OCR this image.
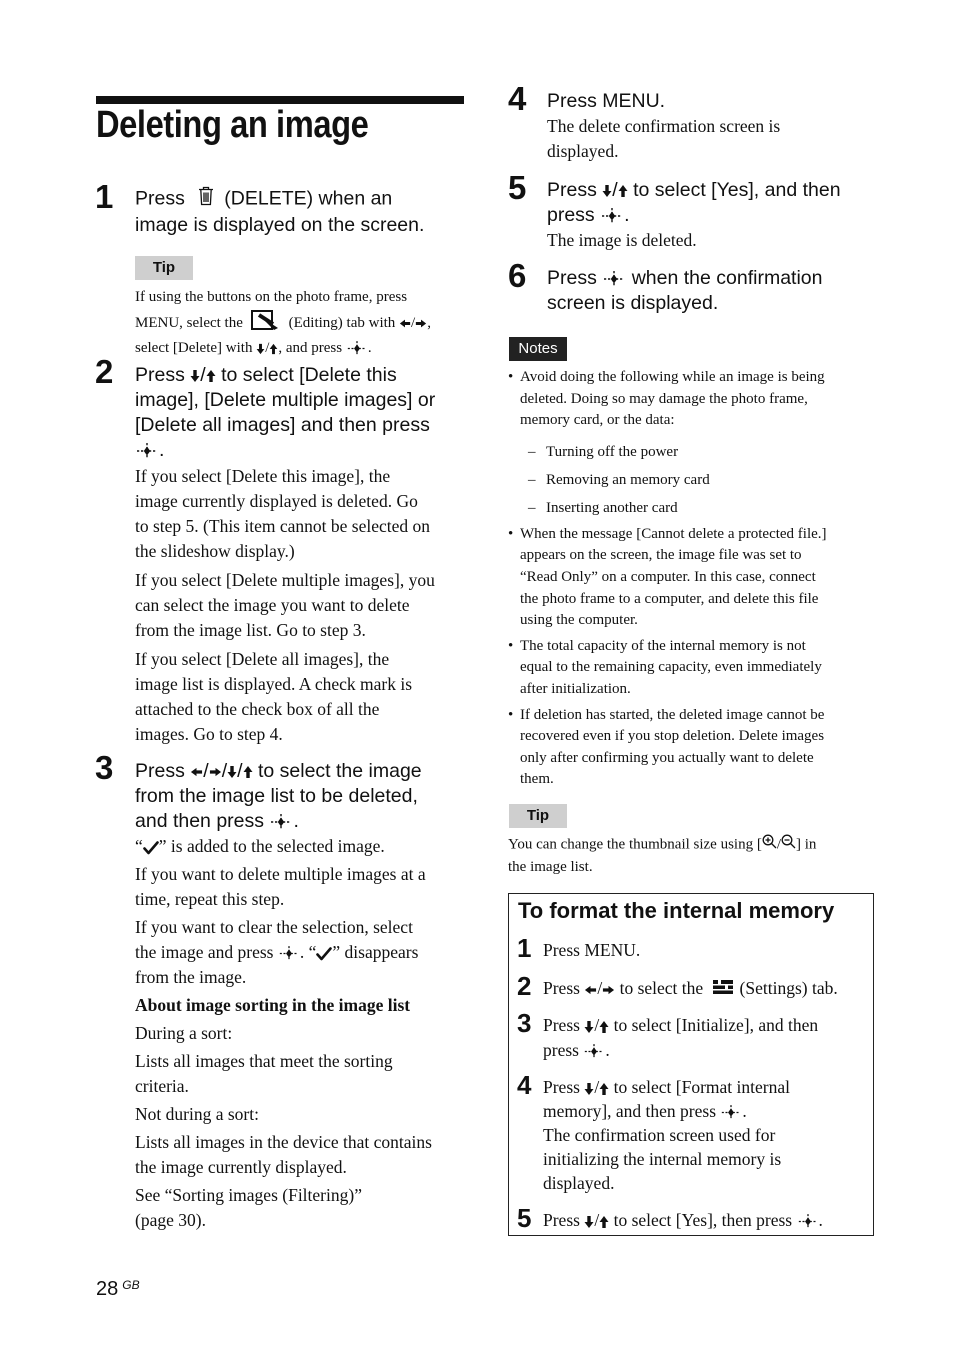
Deleting an image
1 Press (DELETE) when an

image is displayed on the screen.

Tip

If using the buttons on the photo frame, press

MENU, select the	(Editing) tab with / ,

select [Delete] with / , and press .

2 Press / to select [Delete this

image], [Delete multiple images] or

[Delete all images] and then press

.

If you select [Delete this image], the

image currently displayed is deleted. Go

to step 5. (This item cannot be selected on

the slideshow display.)

If you select [Delete multiple images], you

can select the image you want to delete

from the image list. Go to step 3.

If you select [Delete all images], the

image list is displayed. A check mark is

attached to the check box of all the

images. Go to step 4.

3 Press / / / to select the image

from the image list to be deleted,

and then press .

“ ” is added to the selected image.

If you want to delete multiple images at a

time, repeat this step.

If you want to clear the selection, select

the image and press . “ ” disappears

from the image.

About image sorting in the image list

During a sort:

Lists all images that meet the sorting

criteria.

Not during a sort:

Lists all images in the device that contains

the image currently displayed.

See “Sorting images (Filtering)”

(page 30).

4 Press MENU.

The delete confirmation screen is

displayed.

5 Press / to select [Yes], and then

press .

The image is deleted.
6 Press when the confirmation

screen is displayed.

Notes
• Avoid doing the following while an image is being

deleted. Doing so may damage the photo frame,

memory card, or the data:

– Turning off the power

– Removing an memory card

– Inserting another card

• When the message [Cannot delete a protected file.]

appears on the screen, the image file was set to

“Read Only” on a computer. In this case, connect

the photo frame to a computer, and delete this file

using the computer.

• The total capacity of the internal memory is not

equal to the remaining capacity, even immediately

after initialization.

• If deletion has started, the deleted image cannot be

recovered even if you stop deletion. Delete images

only after confirming you actually want to delete

them.

Tip

You can change the thumbnail size using [ / ] in

the image list.

To format the internal memory
1 Press MENU.
2 Press / to select the (Settings) tab.

3 Press / to select [Initialize], and then

press .

4 Press / to select [Format internal

memory], and then press .

The confirmation screen used for

initializing the internal memory is

displayed.

5 Press / to select [Yes], then press .

28 $^{GB}$
